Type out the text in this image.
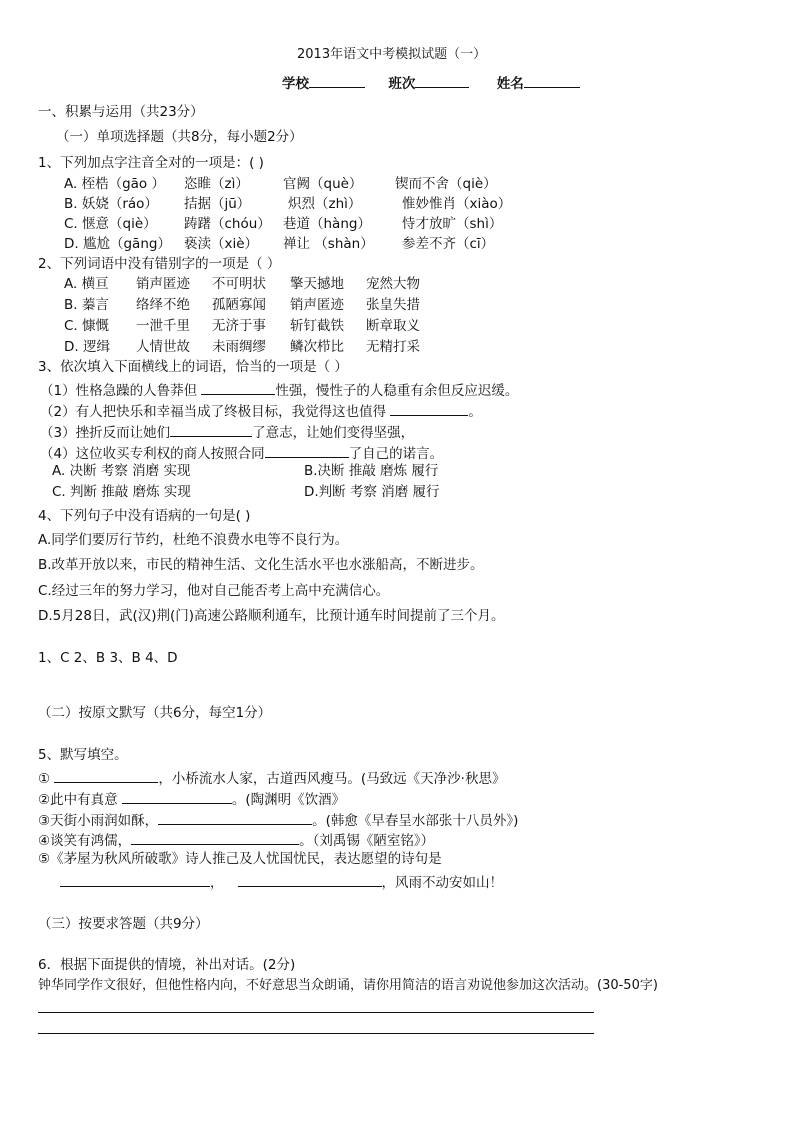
2013年语文中考模拟试题（一）
学校	班次	姓名
一、积累与运用（共23分）
（一）单项选择题（共8分，每小题2分）
1、下列加点字注音全对的一项是：( )
A. 桎梏（gāo ） 恣睢（zì）	官阙（què） 锲而不舍（qiè）
B. 妖娆（ráo） 拮据（jū）	炽烈（zhì）	惟妙惟肖（xiào）
C. 惬意（qiè） 踌躇（chóu） 巷道（hàng） 恃才放旷（shì）
D. 尴尬（gāng） 亵渎（xiè） 禅让 （shàn） 参差不齐（cī）
2、下列词语中没有错别字的一项是（ ）
A. 横亘 销声匿迹 不可明状 擎天撼地 宠然大物
B. 蓁言 络绎不绝 孤陋寡闻 销声匿迹 张皇失措
C. 慷慨 一泄千里 无济于事 斩钉截铁 断章取义
D. 逻缉 人情世故 未雨绸缪 鳞次栉比 无精打采
3、依次填入下面横线上的词语，恰当的一项是（ ）
（1）性格急躁的人鲁莽但	性强，慢性子的人稳重有余但反应迟缓。
（2）有人把快乐和幸福当成了终极目标，我觉得这也值得	。
（3）挫折反而让她们	了意志，让她们变得坚强，
（4）这位收买专利权的商人按照合同	了自己的诺言。
A. 决断 考察 消磨 实现	B.决断 推敲 磨炼 履行
C. 判断 推敲 磨炼 实现	D.判断 考察 消磨 履行
4、下列句子中没有语病的一句是( )
A.同学们要厉行节约，杜绝不浪费水电等不良行为。
B.改革开放以来，市民的精神生活、文化生活水平也水涨船高，不断进步。
C.经过三年的努力学习，他对自己能否考上高中充满信心。
D.5月28日，武(汉)荆(门)高速公路顺利通车，比预计通车时间提前了三个月。
1、C 2、B 3、B 4、D
（二）按原文默写（共6分，每空1分）
5、默写填空。
①	，小桥流水人家，古道西风瘦马。(马致远《天净沙·秋思》
②此中有真意	。(陶渊明《饮酒》
③天街小雨润如酥，	。(韩愈《早春呈水部张十八员外》)
④谈笑有鸿儒，	。（刘禹锡《陋室铭》）
⑤《茅屋为秋风所破歌》诗人推己及人忧国忧民，表达愿望的诗句是
，	，风雨不动安如山！
（三）按要求答题（共9分）
6．根据下面提供的情境，补出对话。(2分)
钟华同学作文很好，但他性格内向，不好意思当众朗诵，请你用简洁的语言劝说他参加这次活动。(30-50字)
